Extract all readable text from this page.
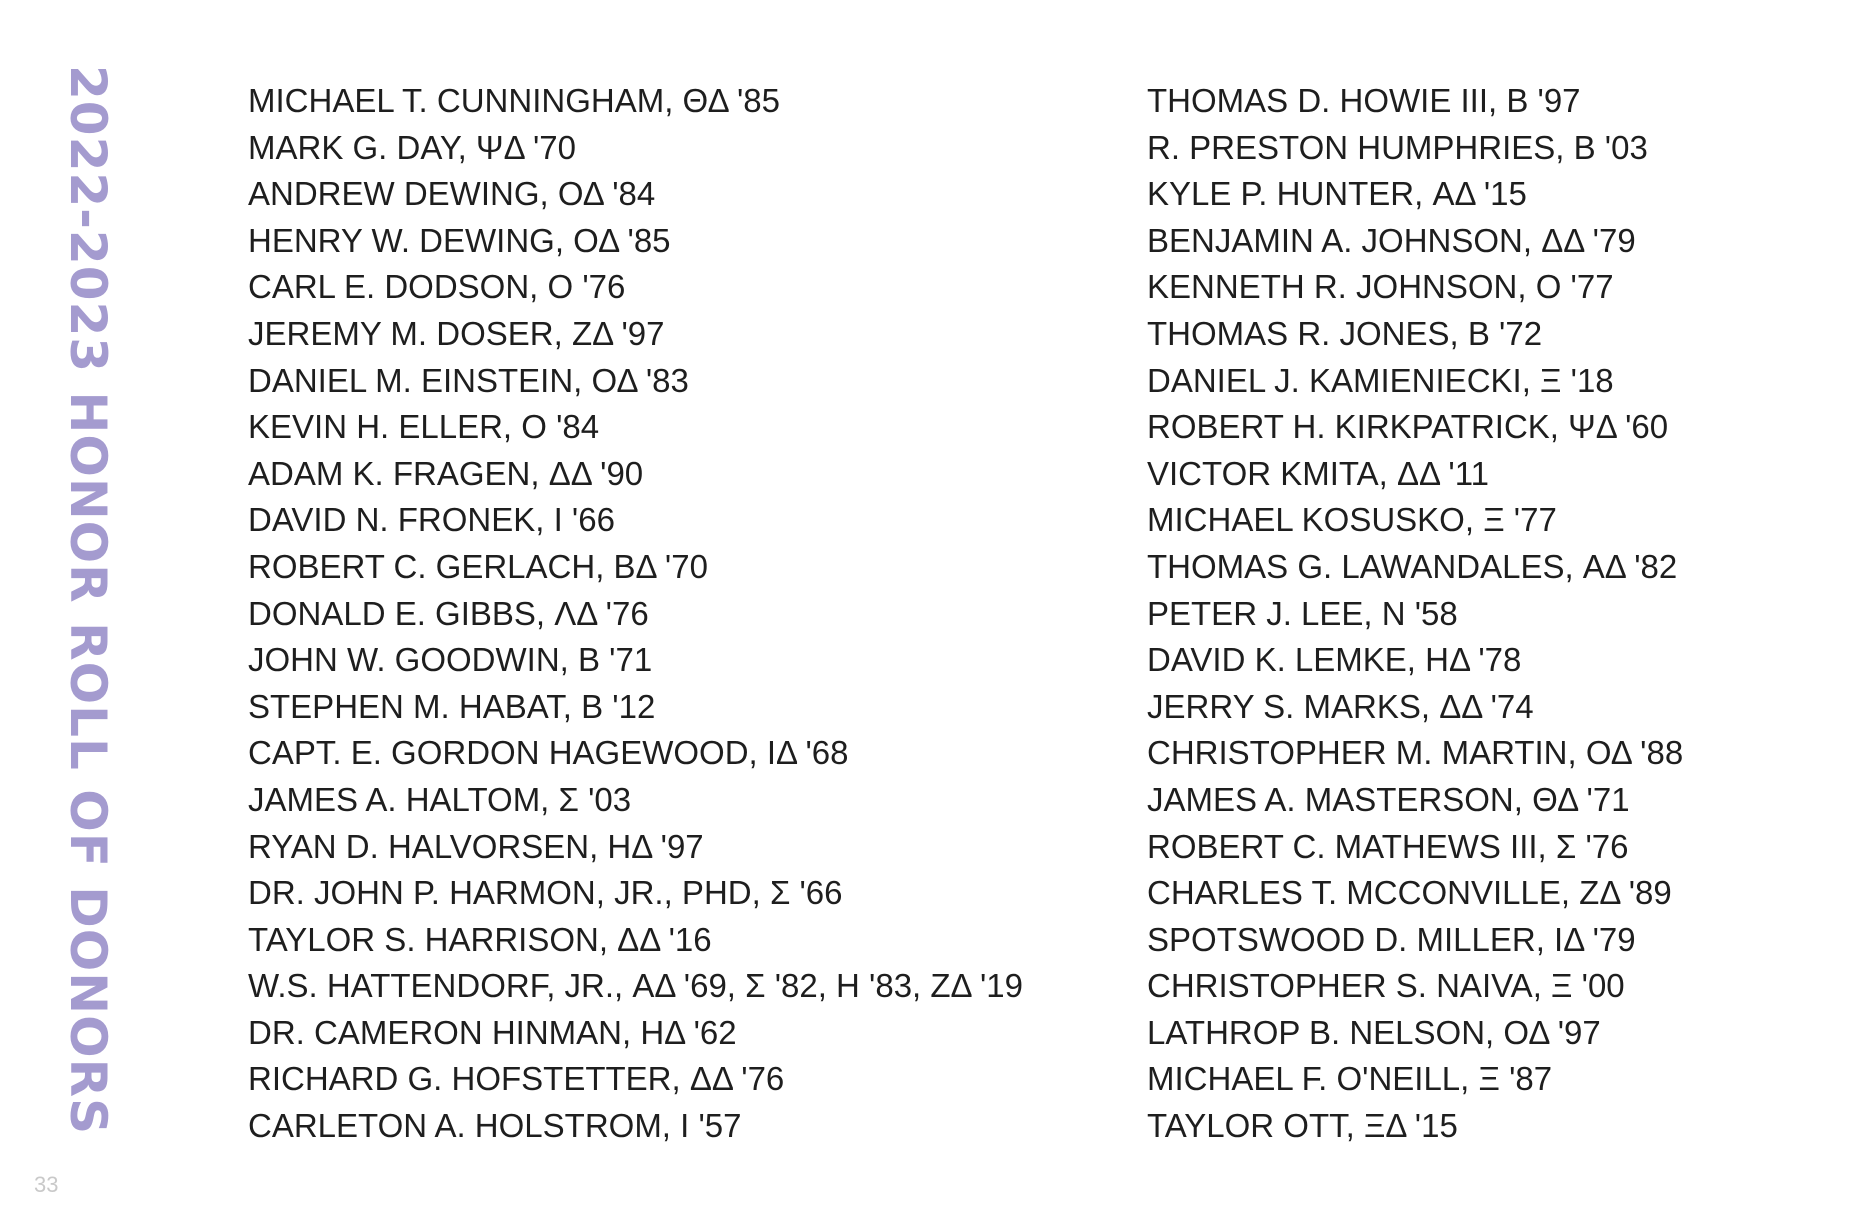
2022-2023 HONOR ROLL OF DONORS	MICHAEL T. CUNNINGHAM, ΘΔ '85
MARK G. DAY, ΨΔ '70
ANDREW DEWING, ΟΔ '84
HENRY W. DEWING, ΟΔ '85
CARL E. DODSON, Ο '76
JEREMY M. DOSER, ΖΔ '97
DANIEL M. EINSTEIN, ΟΔ '83
KEVIN H. ELLER, Ο '84
ADAM K. FRAGEN, ΔΔ '90
DAVID N. FRONEK, Ι '66
ROBERT C. GERLACH, ΒΔ '70
DONALD E. GIBBS, ΛΔ '76
JOHN W. GOODWIN, Β '71
STEPHEN M. HABAT, Β '12
CAPT. E. GORDON HAGEWOOD, ΙΔ '68
JAMES A. HALTOM, Σ '03
RYAN D. HALVORSEN, ΗΔ '97
DR. JOHN P. HARMON, JR., PHD, Σ '66
TAYLOR S. HARRISON, ΔΔ '16
W.S. HATTENDORF, JR., ΑΔ '69, Σ '82, Η '83, ΖΔ '19
DR. CAMERON HINMAN, ΗΔ '62
RICHARD G. HOFSTETTER, ΔΔ '76
CARLETON A. HOLSTROM, Ι '57
THOMAS D. HOWIE III, Β '97
R. PRESTON HUMPHRIES, Β '03
KYLE P. HUNTER, ΑΔ '15
BENJAMIN A. JOHNSON, ΔΔ '79
KENNETH R. JOHNSON, Ο '77
THOMAS R. JONES, Β '72
DANIEL J. KAMIENIECKI, Ξ '18
ROBERT H. KIRKPATRICK, ΨΔ '60
VICTOR KMITA, ΔΔ '11
MICHAEL KOSUSKO, Ξ '77
THOMAS G. LAWANDALES, ΑΔ '82
PETER J. LEE, Ν '58
DAVID K. LEMKE, ΗΔ '78
JERRY S. MARKS, ΔΔ '74
CHRISTOPHER M. MARTIN, ΟΔ '88
JAMES A. MASTERSON, ΘΔ '71
ROBERT C. MATHEWS III, Σ '76
CHARLES T. MCCONVILLE, ΖΔ '89
SPOTSWOOD D. MILLER, ΙΔ '79
CHRISTOPHER S. NAIVA, Ξ '00
LATHROP B. NELSON, ΟΔ '97
MICHAEL F. O'NEILL, Ξ '87
TAYLOR OTT, ΞΔ '15
33
